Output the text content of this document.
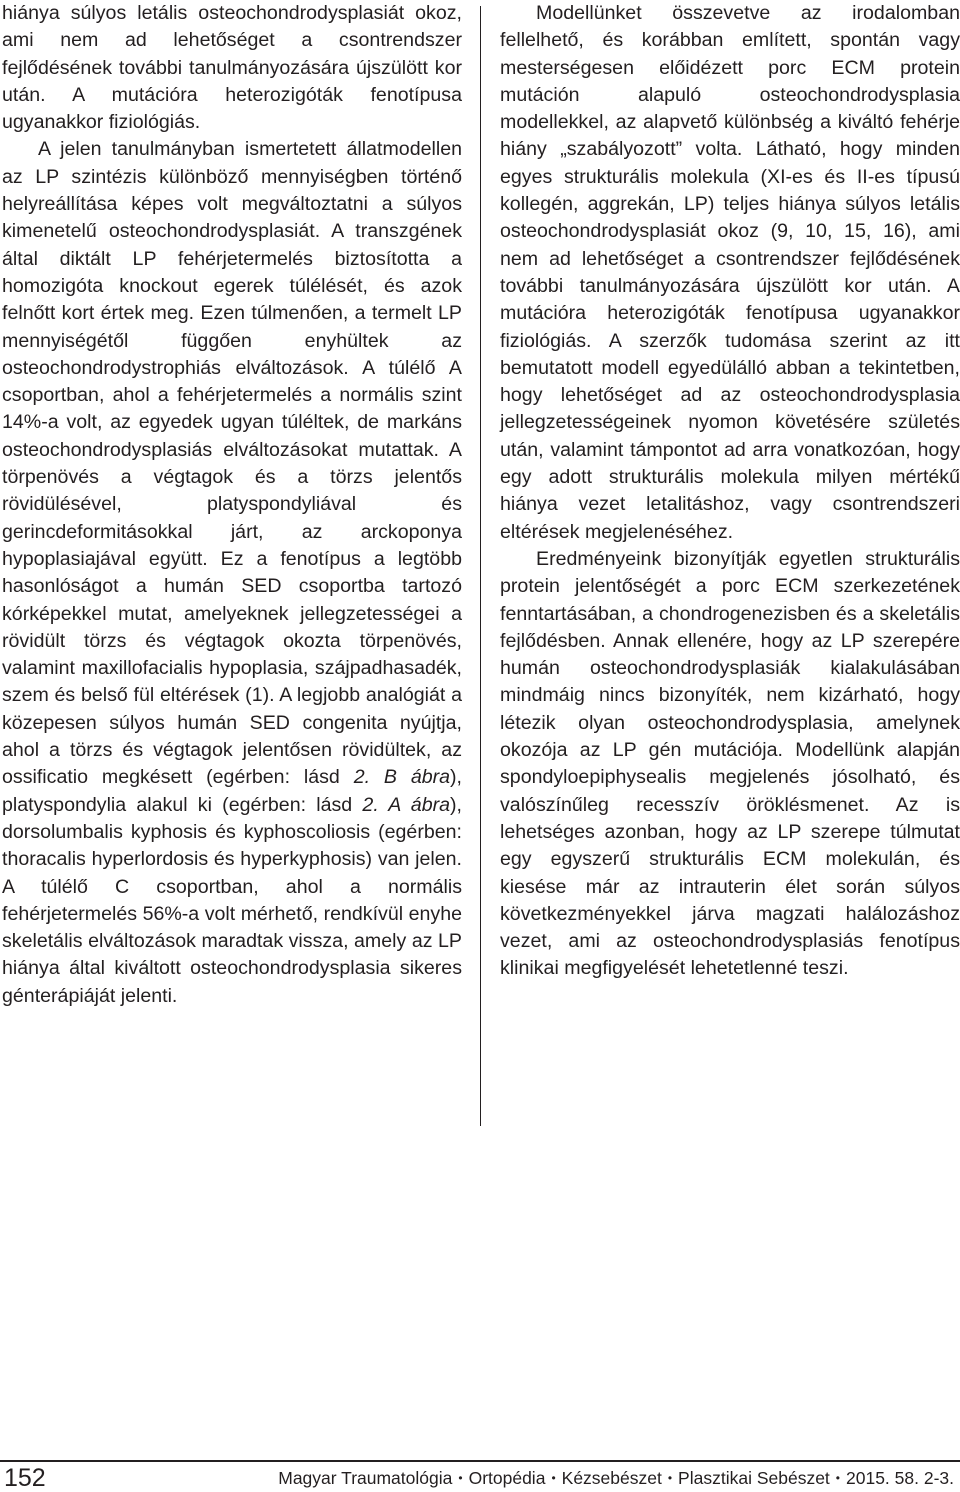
hiánya súlyos letális osteochondrodysplasiát okoz, ami nem ad lehetőséget a csontrendszer fejlődésének további tanulmányozására újszülött kor után. A mutációra heterozigóták fenotípusa ugyanakkor fiziológiás.

A jelen tanulmányban ismertetett állatmodellen az LP szintézis különböző mennyiségben történő helyreállítása képes volt megváltoztatni a súlyos kimenetelű osteochondrodysplasiát. A transzgének által diktált LP fehérjetermelés biztosította a homozigóta knockout egerek túlélését, és azok felnőtt kort értek meg. Ezen túlmenően, a termelt LP mennyiségétől függően enyhültek az osteochondrodystrophiás elváltozások. A túlélő A csoportban, ahol a fehérjetermelés a normális szint 14%-a volt, az egyedek ugyan túléltek, de markáns osteochondrodysplasiás elváltozásokat mutattak. A törpenövés a végtagok és a törzs jelentős rövidülésével, platyspondyliával és gerincdeformitásokkal járt, az arckoponya hypoplasiajával együtt. Ez a fenotípus a legtöbb hasonlóságot a humán SED csoportba tartozó kórképekkel mutat, amelyeknek jellegzetességei a rövidült törzs és végtagok okozta törpenövés, valamint maxillofacialis hypoplasia, szájpadhasadék, szem és belső fül eltérések (1). A legjobb analógiát a közepesen súlyos humán SED congenita nyújtja, ahol a törzs és végtagok jelentősen rövidültek, az ossificatio megkésett (egérben: lásd 2. B ábra), platyspondylia alakul ki (egérben: lásd 2. A ábra), dorsolumbalis kyphosis és kyphoscoliosis (egérben: thoracalis hyperlordosis és hyperkyphosis) van jelen. A túlélő C csoportban, ahol a normális fehérjetermelés 56%-a volt mérhető, rendkívül enyhe skeletális elváltozások maradtak vissza, amely az LP hiánya által kiváltott osteochondrodysplasia sikeres génterápiáját jelenti.

Modellünket összevetve az irodalomban fellelhető, és korábban említett, spontán vagy mesterségesen előidézett porc ECM protein mutáción alapuló osteochondrodysplasia modellekkel, az alapvető különbség a kiváltó fehérje hiány „szabályozott” volta. Látható, hogy minden egyes strukturális molekula (XI-es és II-es típusú kollegén, aggrekán, LP) teljes hiánya súlyos letális osteochondrodysplasiát okoz (9, 10, 15, 16), ami nem ad lehetőséget a csontrendszer fejlődésének további tanulmányozására újszülött kor után. A mutációra heterozigóták fenotípusa ugyanakkor fiziológiás. A szerzők tudomása szerint az itt bemutatott modell egyedülálló abban a tekintetben, hogy lehetőséget ad az osteochondrodysplasia jellegzetességeinek nyomon követésére születés után, valamint támpontot ad arra vonatkozóan, hogy egy adott strukturális molekula milyen mértékű hiánya vezet letalitáshoz, vagy csontrendszeri eltérések megjelenéséhez.

Eredményeink bizonyítják egyetlen strukturális protein jelentőségét a porc ECM szerkezetének fenntartásában, a chondrogenezisben és a skeletális fejlődésben. Annak ellenére, hogy az LP szerepére humán osteochondrodysplasiák kialakulásában mindmáig nincs bizonyíték, nem kizárható, hogy létezik olyan osteochondrodysplasia, amelynek okozója az LP gén mutációja. Modellünk alapján spondyloepiphysealis megjelenés jósolható, és valószínűleg recesszív öröklésmenet. Az is lehetséges azonban, hogy az LP szerepe túlmutat egy egyszerű strukturális ECM molekulán, és kiesése már az intrauterin élet során súlyos következményekkel járva magzati halálozáshoz vezet, ami az osteochondrodysplasiás fenotípus klinikai megfigyelését lehetetlenné teszi.

152	Magyar Traumatológia • Ortopédia • Kézsebészet • Plasztikai Sebészet • 2015. 58. 2-3.
